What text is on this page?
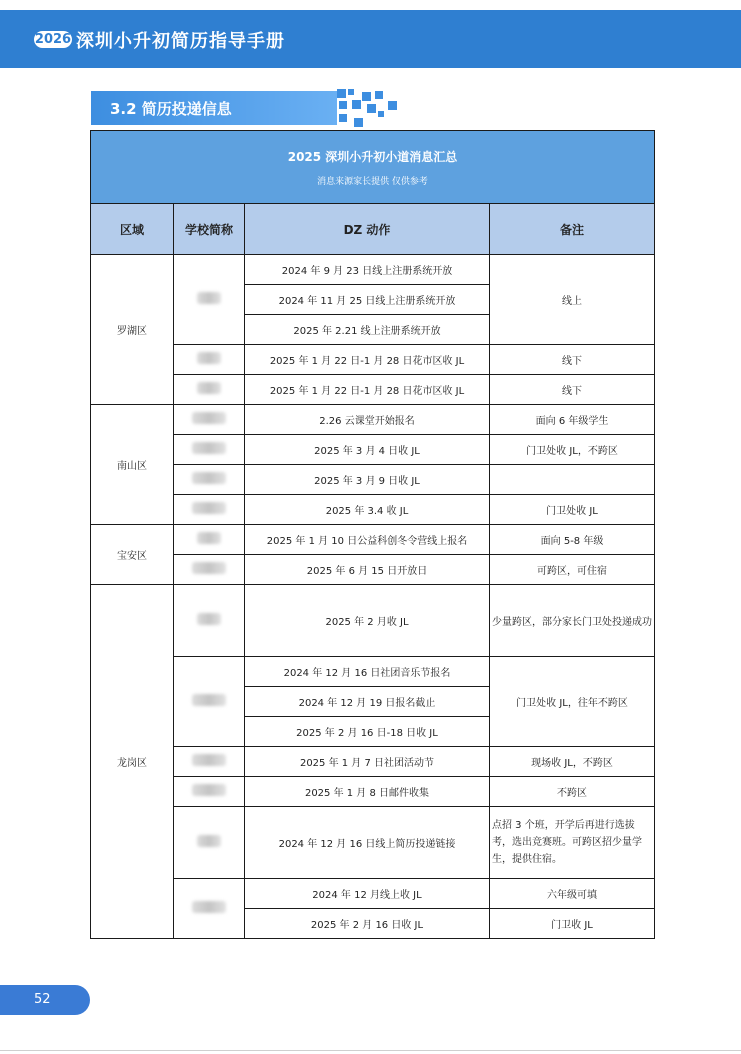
2026 深圳小升初简历指导手册
3.2 简历投递信息
2025 深圳小升初小道消息汇总
消息来源家长提供 仅供参考			

区域	学校简称	DZ 动作	备注
罗湖区		2024 年 9 月 23 日线上注册系统开放	线上
		2024 年 11 月 25 日线上注册系统开放	
		2025 年 2.21 线上注册系统开放	
		2025 年 1 月 22 日-1 月 28 日花市区收 JL	线下
		2025 年 1 月 22 日-1 月 28 日花市区收 JL	线下
南山区		2.26 云课堂开始报名	面向 6 年级学生
		2025 年 3 月 4 日收 JL	门卫处收 JL，不跨区
		2025 年 3 月 9 日收 JL	
		2025 年 3.4 收 JL	门卫处收 JL
宝安区		2025 年 1 月 10 日公益科创冬令营线上报名	面向 5-8 年级
		2025 年 6 月 15 日开放日	可跨区，可住宿
龙岗区		2025 年 2 月收 JL	少量跨区，部分家长门卫处投递成功
		2024 年 12 月 16 日社团音乐节报名	门卫处收 JL，往年不跨区
		2024 年 12 月 19 日报名截止	
		2025 年 2 月 16 日-18 日收 JL	
		2025 年 1 月 7 日社团活动节	现场收 JL，不跨区
		2025 年 1 月 8 日邮件收集	不跨区
		2024 年 12 月 16 日线上简历投递链接	点招 3 个班，开学后再进行选拔考，选出竞赛班。可跨区招少量学生，提供住宿。
		2024 年 12 月线上收 JL	六年级可填
		2025 年 2 月 16 日收 JL	门卫收 JL
52
